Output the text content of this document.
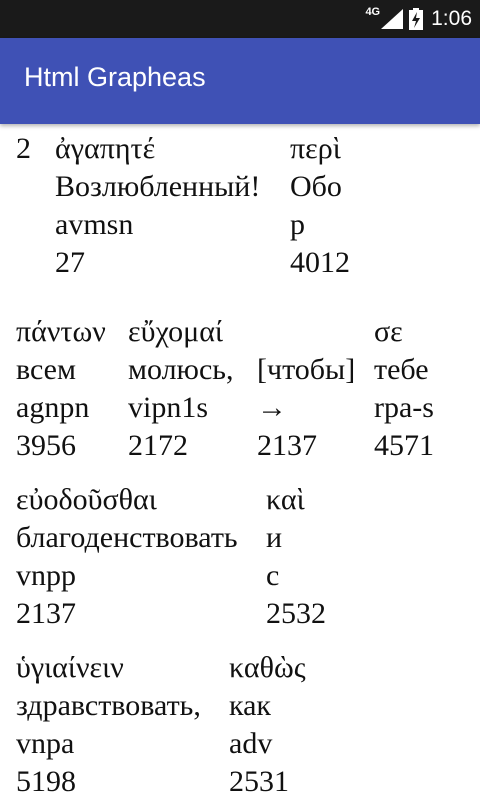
4G 1:06
Html Grapheas
2 ἀγαπητέ
Возлюбленный!
avmsn
27
περὶ
Обо
p
4012
πάντων
всем
agnpn
3956
εὔχομαί
молюсь,
vipn1s
2172

[чтобы]
→
2137
σε
тебе
rpa-s
4571
εὐοδοῦσθαι
благоденствовать
vnpp
2137
καὶ
и
c
2532
ὑγιαίνειν
здравствовать,
vnpa
5198
καθὼς
как
adv
2531
